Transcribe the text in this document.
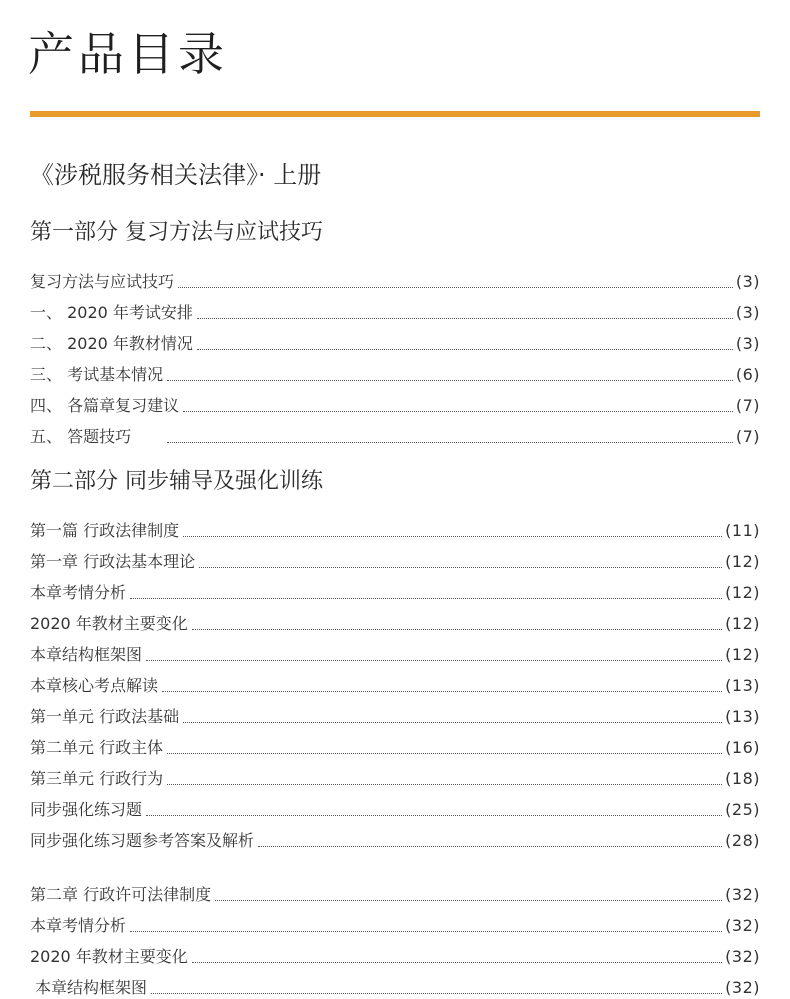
产品目录
《涉税服务相关法律》· 上册
第一部分 复习方法与应试技巧
复习方法与应试技巧	(3)
一、 2020 年考试安排	(3)
二、 2020 年教材情况	(3)
三、 考试基本情况	(6)
四、 各篇章复习建议	(7)
五、 答题技巧	(7)
第二部分 同步辅导及强化训练
第一篇 行政法律制度	(11)
第一章 行政法基本理论	(12)
本章考情分析	(12)
2020 年教材主要变化	(12)
本章结构框架图	(12)
本章核心考点解读	(13)
第一单元 行政法基础	(13)
第二单元 行政主体	(16)
第三单元 行政行为	(18)
同步强化练习题	(25)
同步强化练习题参考答案及解析	(28)
第二章 行政许可法律制度	(32)
本章考情分析	(32)
2020 年教材主要变化	(32)
本章结构框架图	(32)
